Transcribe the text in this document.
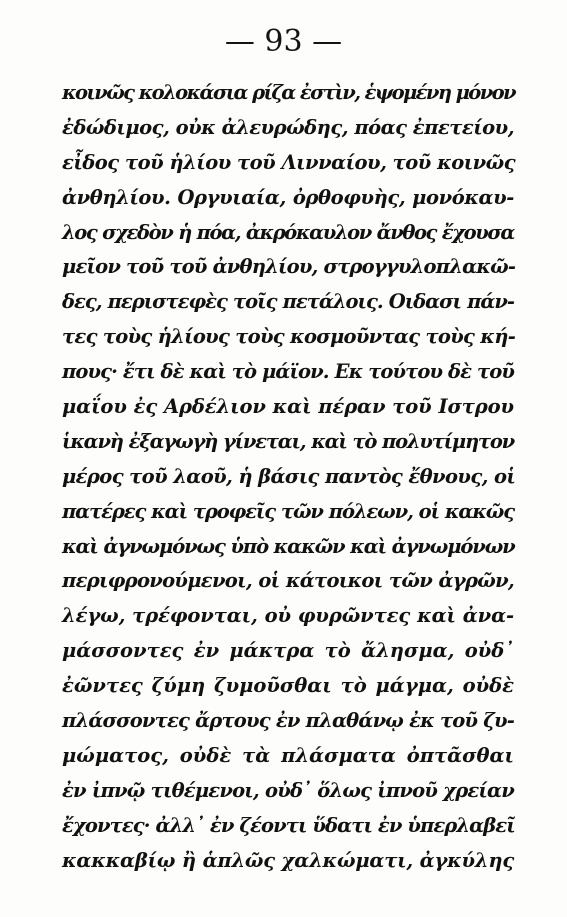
— 93 —
κοινῶς κολοκάσια ρίζα ἐστὶν, ἑψομένη μόνον
ἐδώδιμος, οὐκ ἀλευρώδης, πόας ἐπετείου,
εἶδος τοῦ ἡλίου τοῦ Λινναίου, τοῦ κοινῶς
ἀνθηλίου. Οργυιαία, ὀρθοφυὴς, μονόκαυ-
λος σχεδὸν ἡ πόα, ἀκρόκαυλον ἄνθος ἔχουσα
μεῖον τοῦ τοῦ ἀνθηλίου, στρογγυλοπλακῶ-
δες, περιστεφὲς τοῖς πετάλοις. Οιδασι πάν-
τες τοὺς ἡλίους τοὺς κοσμοῦντας τοὺς κή-
πους· ἔτι δὲ καὶ τὸ μάϊον. Εκ τούτου δὲ τοῦ
μαΐου ἐς Αρδέλιον καὶ πέραν τοῦ Ιστρου
ἱκανὴ ἐξαγωγὴ γίνεται, καὶ τὸ πολυτίμητον
μέρος τοῦ λαοῦ, ἡ βάσις παντὸς ἔθνους, οἱ
πατέρες καὶ τροφεῖς τῶν πόλεων, οἱ κακῶς
καὶ ἀγνωμόνως ὑπὸ κακῶν καὶ ἀγνωμόνων
περιφρονούμενοι, οἱ κάτοικοι τῶν ἀγρῶν,
λέγω, τρέφονται, οὐ φυρῶντες καὶ ἀνα-
μάσσοντες ἐν μάκτρα τὸ ἄλησμα, οὐδ᾽
ἐῶντες ζύμη ζυμοῦσθαι τὸ μάγμα, οὐδὲ
πλάσσοντες ἄρτους ἐν πλαθάνῳ ἐκ τοῦ ζυ-
μώματος, οὐδὲ τὰ πλάσματα ὀπτᾶσθαι
ἐν ἰπνῷ τιθέμενοι, οὐδ᾽ ὅλως ἰπνοῦ χρείαν
ἔχοντες· ἀλλ᾽ ἐν ζέοντι ὕδατι ἐν ὑπερλαβεῖ
κακκαβίῳ ἢ ἁπλῶς χαλκώματι, ἀγκύλης
